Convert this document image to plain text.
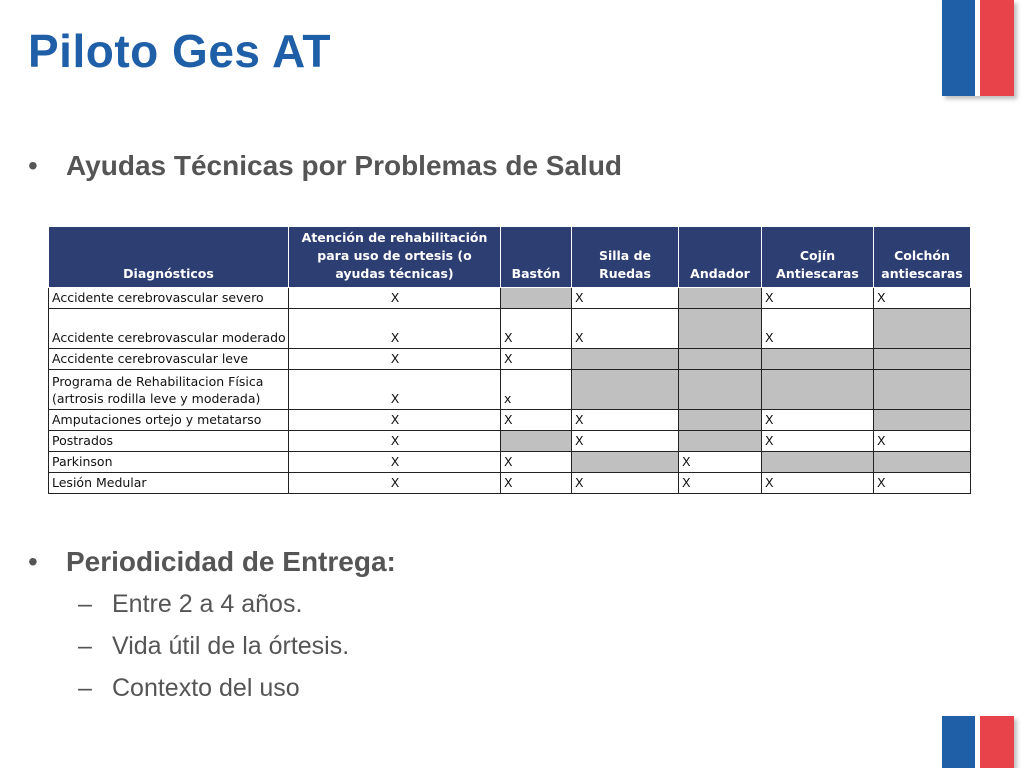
Piloto Ges AT
• Ayudas Técnicas por Problemas de Salud
Diagnósticos	Atención de rehabilitación para uso de ortesis (o ayudas técnicas)	Bastón	Silla de Ruedas	Andador	Cojín Antiescaras	Colchón antiescaras
Accidente cerebrovascular severo	X		X		X	X
Accidente cerebrovascular moderado	X	X	X		X	
Accidente cerebrovascular leve	X	X				
Programa de Rehabilitacion Física (artrosis rodilla leve y moderada)	X	x				
Amputaciones ortejo y metatarso	X	X	X		X	
Postrados	X		X		X	X
Parkinson	X	X		X		
Lesión Medular	X	X	X	X	X	X
• Periodicidad de Entrega:
– Entre 2 a 4 años.
– Vida útil de la órtesis.
– Contexto del uso
